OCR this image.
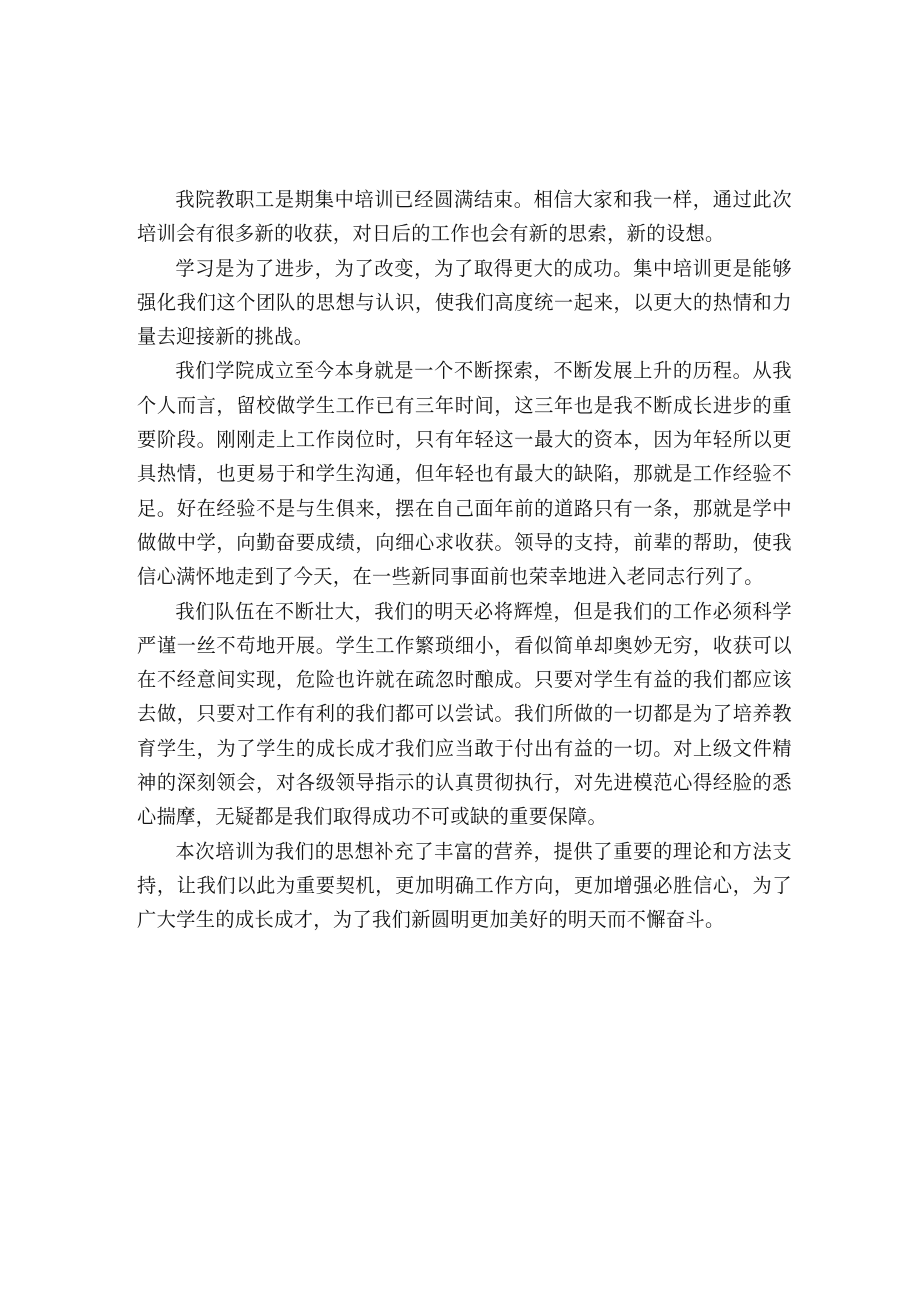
我院教职工是期集中培训已经圆满结束。相信大家和我一样，通过此次培训会有很多新的收获，对日后的工作也会有新的思索，新的设想。

学习是为了进步，为了改变，为了取得更大的成功。集中培训更是能够强化我们这个团队的思想与认识，使我们高度统一起来，以更大的热情和力量去迎接新的挑战。

我们学院成立至今本身就是一个不断探索，不断发展上升的历程。从我个人而言，留校做学生工作已有三年时间，这三年也是我不断成长进步的重要阶段。刚刚走上工作岗位时，只有年轻这一最大的资本，因为年轻所以更具热情，也更易于和学生沟通，但年轻也有最大的缺陷，那就是工作经验不足。好在经验不是与生俱来，摆在自己面年前的道路只有一条，那就是学中做做中学，向勤奋要成绩，向细心求收获。领导的支持，前辈的帮助，使我信心满怀地走到了今天，在一些新同事面前也荣幸地进入老同志行列了。

我们队伍在不断壮大，我们的明天必将辉煌，但是我们的工作必须科学严谨一丝不苟地开展。学生工作繁琐细小，看似简单却奥妙无穷，收获可以在不经意间实现，危险也许就在疏忽时酿成。只要对学生有益的我们都应该去做，只要对工作有利的我们都可以尝试。我们所做的一切都是为了培养教育学生，为了学生的成长成才我们应当敢于付出有益的一切。对上级文件精神的深刻领会，对各级领导指示的认真贯彻执行，对先进模范心得经脸的悉心揣摩，无疑都是我们取得成功不可或缺的重要保障。

本次培训为我们的思想补充了丰富的营养，提供了重要的理论和方法支持，让我们以此为重要契机，更加明确工作方向，更加增强必胜信心，为了广大学生的成长成才，为了我们新圆明更加美好的明天而不懈奋斗。
